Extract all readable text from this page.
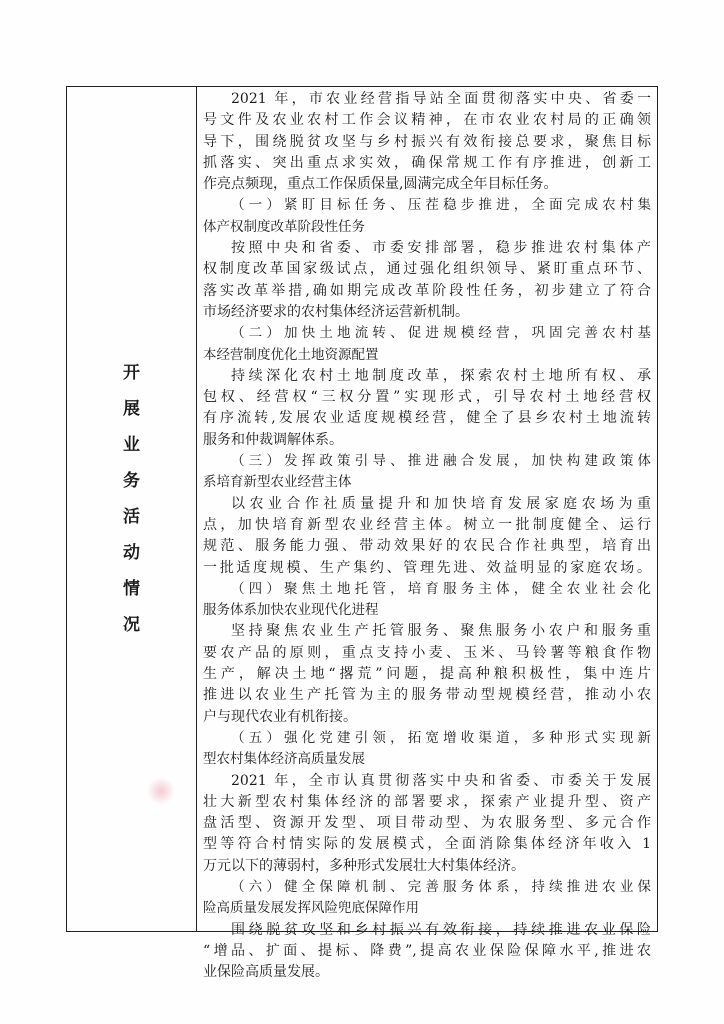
开
展
业
务
活
动
情
况
2021 年，市农业经营指导站全面贯彻落实中央、省委一
号文件及农业农村工作会议精神，在市农业农村局的正确领
导下，围绕脱贫攻坚与乡村振兴有效衔接总要求，聚焦目标
抓落实、突出重点求实效，确保常规工作有序推进，创新工
作亮点频现，重点工作保质保量,圆满完成全年目标任务。
（一）紧盯目标任务、压茬稳步推进，全面完成农村集
体产权制度改革阶段性任务
按照中央和省委、市委安排部署，稳步推进农村集体产
权制度改革国家级试点，通过强化组织领导、紧盯重点环节、
落实改革举措,确如期完成改革阶段性任务，初步建立了符合
市场经济要求的农村集体经济运营新机制。
（二）加快土地流转、促进规模经营，巩固完善农村基
本经营制度优化土地资源配置
持续深化农村土地制度改革，探索农村土地所有权、承
包权、经营权“三权分置”实现形式，引导农村土地经营权
有序流转,发展农业适度规模经营，健全了县乡农村土地流转
服务和仲裁调解体系。
（三）发挥政策引导、推进融合发展，加快构建政策体
系培育新型农业经营主体
以农业合作社质量提升和加快培育发展家庭农场为重
点，加快培育新型农业经营主体。树立一批制度健全、运行
规范、服务能力强、带动效果好的农民合作社典型，培育出
一批适度规模、生产集约、管理先进、效益明显的家庭农场。
（四）聚焦土地托管，培育服务主体，健全农业社会化
服务体系加快农业现代化进程
坚持聚焦农业生产托管服务、聚焦服务小农户和服务重
要农产品的原则，重点支持小麦、玉米、马铃薯等粮食作物
生产，解决土地“撂荒”问题，提高种粮积极性，集中连片
推进以农业生产托管为主的服务带动型规模经营，推动小农
户与现代农业有机衔接。
（五）强化党建引领，拓宽增收渠道，多种形式实现新
型农村集体经济高质量发展
2021 年，全市认真贯彻落实中央和省委、市委关于发展
壮大新型农村集体经济的部署要求，探索产业提升型、资产
盘活型、资源开发型、项目带动型、为农服务型、多元合作
型等符合村情实际的发展模式，全面消除集体经济年收入 1
万元以下的薄弱村，多种形式发展壮大村集体经济。
（六）健全保障机制、完善服务体系，持续推进农业保
险高质量发展发挥风险兜底保障作用
围绕脱贫攻坚和乡村振兴有效衔接，持续推进农业保险
“增品、扩面、提标、降费”,提高农业保险保障水平,推进农
业保险高质量发展。
